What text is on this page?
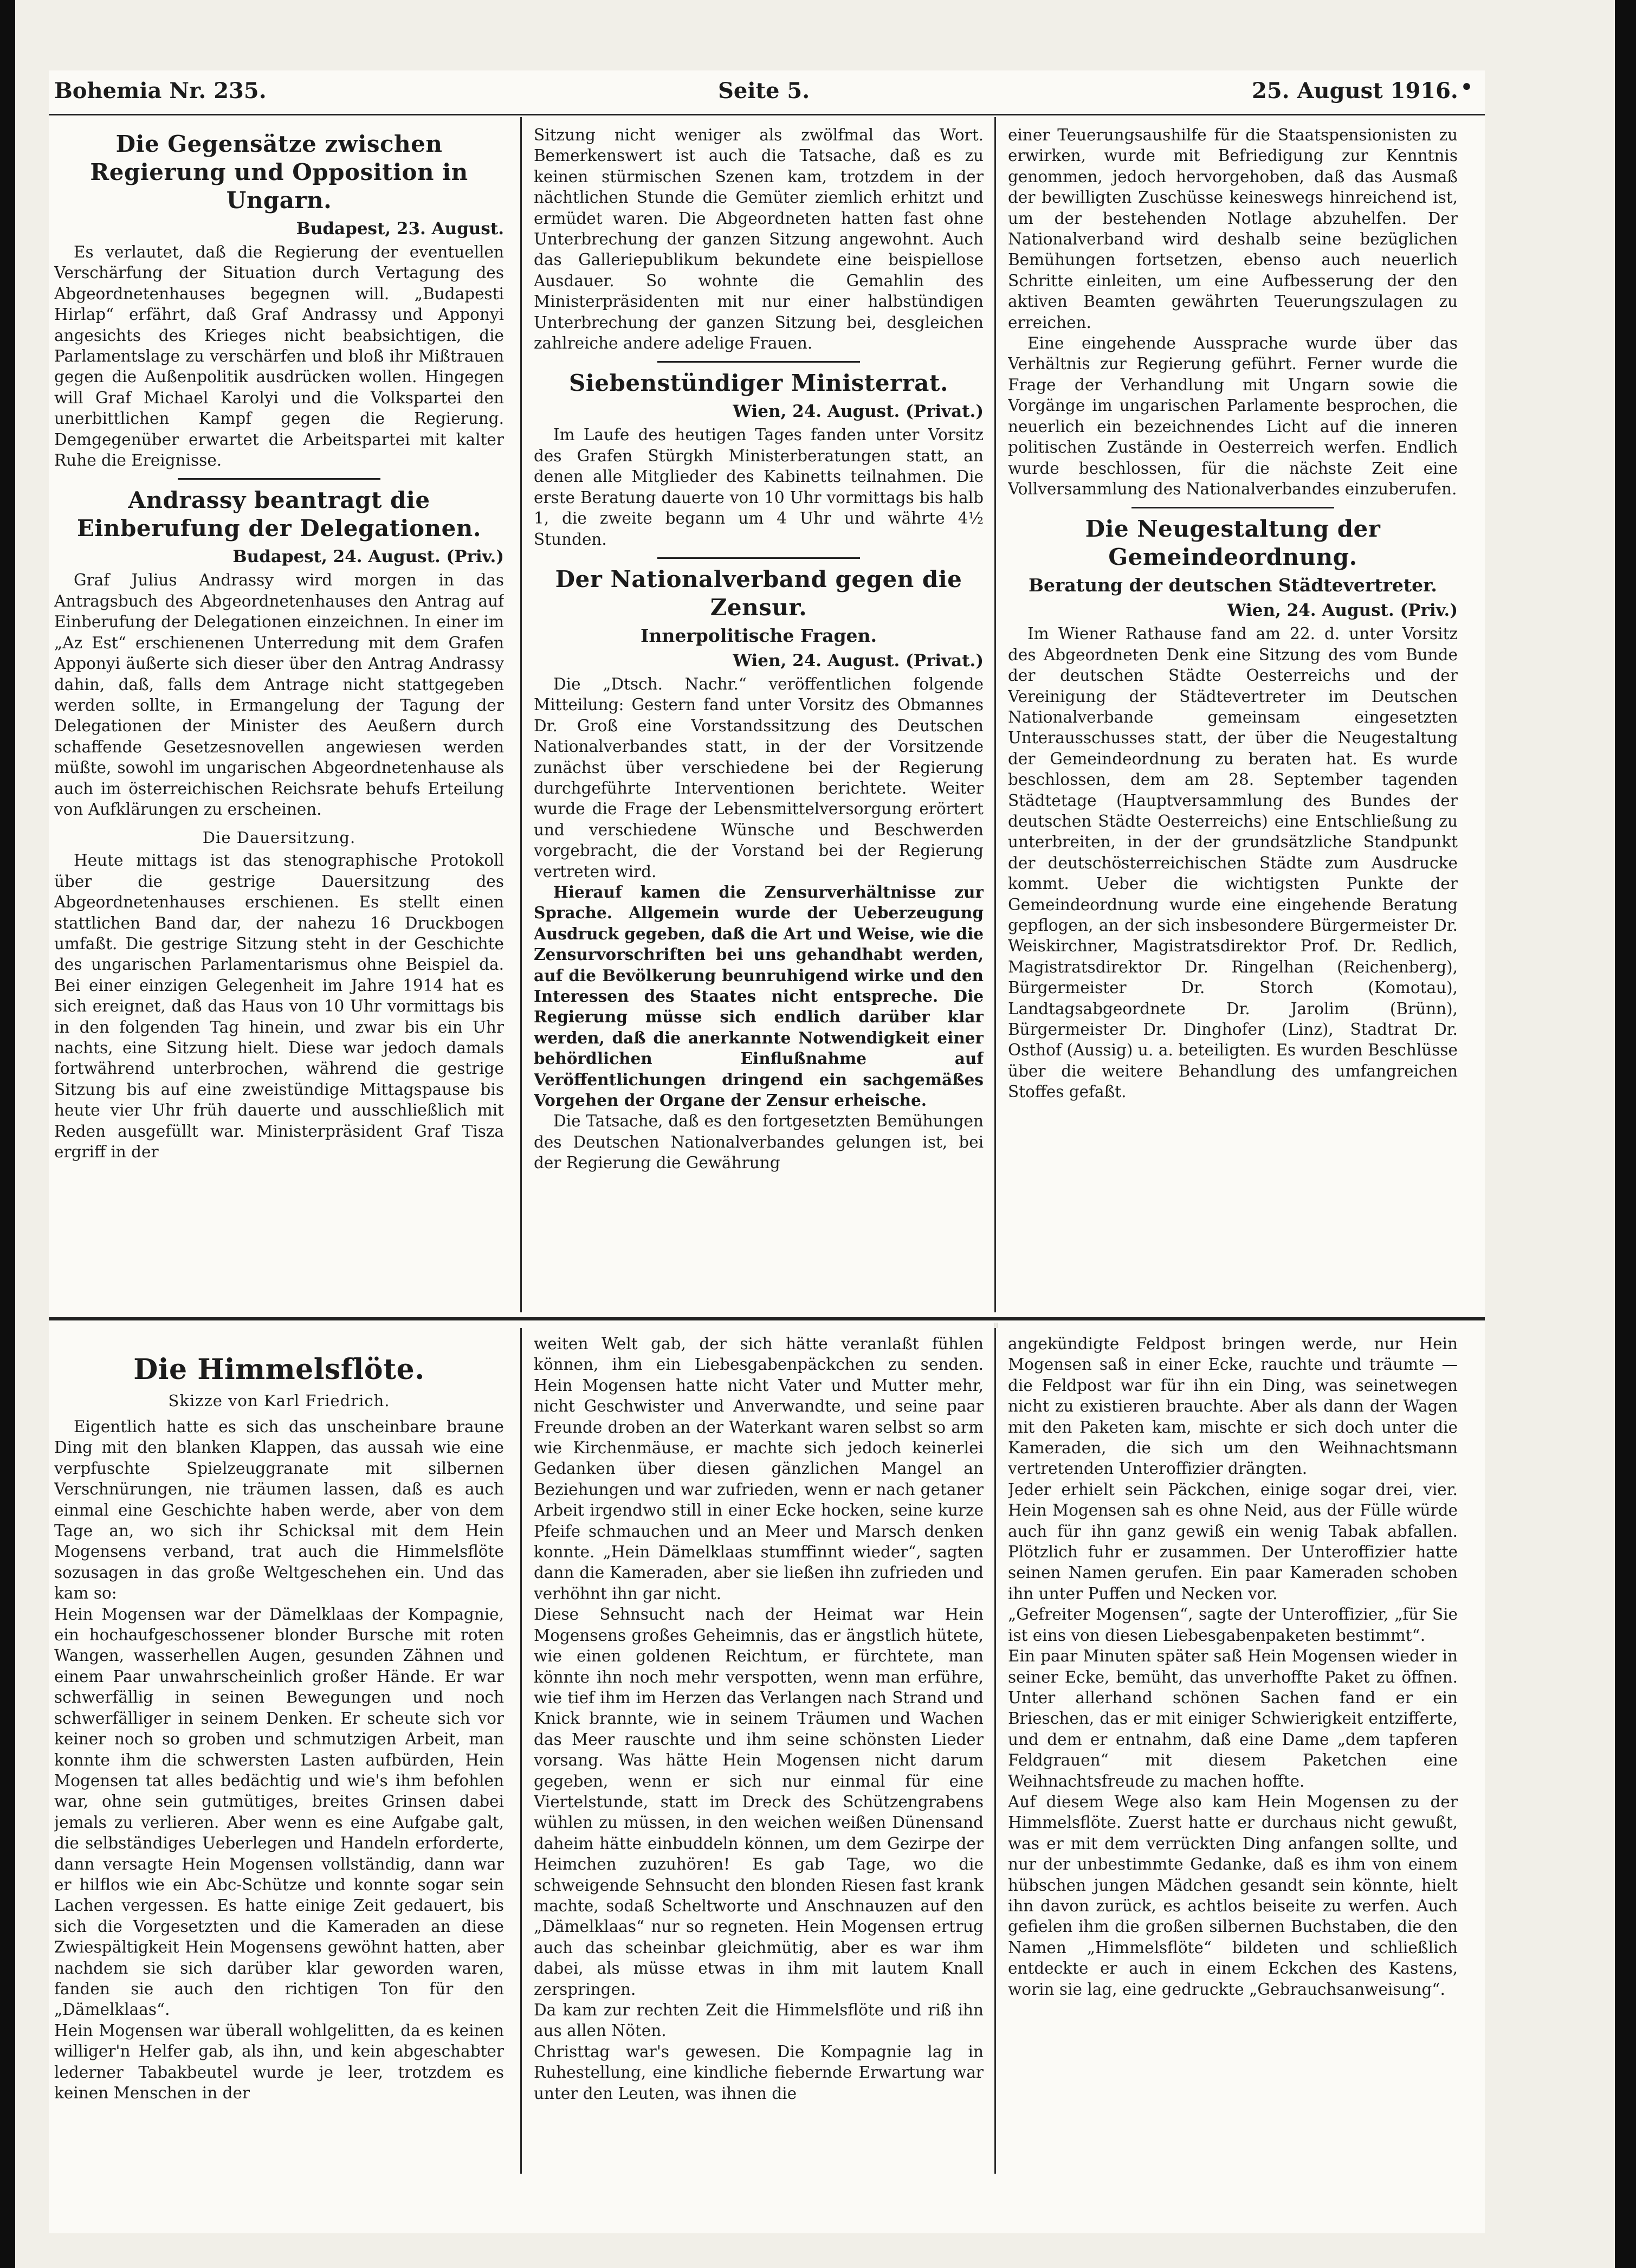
Bohemia Nr. 235.	Seite 5.	25. August 1916. •
Die Gegensätze zwischen Regierung und Opposition in Ungarn.
Budapest, 23. August.

Es verlautet, daß die Regierung der eventuellen Verschärfung der Situation durch Vertagung des Abgeordnetenhauses begegnen will. „Budapesti Hirlap“ erfährt, daß Graf Andrassy und Apponyi angesichts des Krieges nicht beabsichtigen, die Parlamentslage zu verschärfen und bloß ihr Mißtrauen gegen die Außenpolitik ausdrücken wollen. Hingegen will Graf Michael Karolyi und die Volkspartei den unerbittlichen Kampf gegen die Regierung. Demgegenüber erwartet die Arbeitspartei mit kalter Ruhe die Ereignisse.

Andrassy beantragt die Einberufung der Delegationen.
Budapest, 24. August. (Priv.)

Graf Julius Andrassy wird morgen in das Antragsbuch des Abgeordnetenhauses den Antrag auf Einberufung der Delegationen einzeichnen. In einer im „Az Est“ erschienenen Unterredung mit dem Grafen Apponyi äußerte sich dieser über den Antrag Andrassy dahin, daß, falls dem Antrage nicht stattgegeben werden sollte, in Ermangelung der Tagung der Delegationen der Minister des Aeußern durch schaffende Gesetzesnovellen angewiesen werden müßte, sowohl im ungarischen Abgeordnetenhause als auch im österreichischen Reichsrate behufs Erteilung von Aufklärungen zu erscheinen.

Die Dauersitzung.

Heute mittags ist das stenographische Protokoll über die gestrige Dauersitzung des Abgeordnetenhauses erschienen. Es stellt einen stattlichen Band dar, der nahezu 16 Druckbogen umfaßt. Die gestrige Sitzung steht in der Geschichte des ungarischen Parlamentarismus ohne Beispiel da. Bei einer einzigen Gelegenheit im Jahre 1914 hat es sich ereignet, daß das Haus von 10 Uhr vormittags bis in den folgenden Tag hinein, und zwar bis ein Uhr nachts, eine Sitzung hielt. Diese war jedoch damals fortwährend unterbrochen, während die gestrige Sitzung bis auf eine zweistündige Mittagspause bis heute vier Uhr früh dauerte und ausschließlich mit Reden ausgefüllt war. Ministerpräsident Graf Tisza ergriff in der

Sitzung nicht weniger als zwölfmal das Wort. Bemerkenswert ist auch die Tatsache, daß es zu keinen stürmischen Szenen kam, trotzdem in der nächtlichen Stunde die Gemüter ziemlich erhitzt und ermüdet waren. Die Abgeordneten hatten fast ohne Unterbrechung der ganzen Sitzung angewohnt. Auch das Galleriepublikum bekundete eine beispiellose Ausdauer. So wohnte die Gemahlin des Ministerpräsidenten mit nur einer halbstündigen Unterbrechung der ganzen Sitzung bei, desgleichen zahlreiche andere adelige Frauen.

Siebenstündiger Ministerrat.
Wien, 24. August. (Privat.)

Im Laufe des heutigen Tages fanden unter Vorsitz des Grafen Stürgkh Ministerberatungen statt, an denen alle Mitglieder des Kabinetts teilnahmen. Die erste Beratung dauerte von 10 Uhr vormittags bis halb 1, die zweite begann um 4 Uhr und währte 4½ Stunden.

Der Nationalverband gegen die Zensur.
Innerpolitische Fragen.
Wien, 24. August. (Privat.)

Die „Dtsch. Nachr.“ veröffentlichen folgende Mitteilung: Gestern fand unter Vorsitz des Obmannes Dr. Groß eine Vorstandssitzung des Deutschen Nationalverbandes statt, in der der Vorsitzende zunächst über verschiedene bei der Regierung durchgeführte Interventionen berichtete. Weiter wurde die Frage der Lebensmittelversorgung erörtert und verschiedene Wünsche und Beschwerden vorgebracht, die der Vorstand bei der Regierung vertreten wird.

Hierauf kamen die Zensurverhältnisse zur Sprache. Allgemein wurde der Ueberzeugung Ausdruck gegeben, daß die Art und Weise, wie die Zensurvorschriften bei uns gehandhabt werden, auf die Bevölkerung beunruhigend wirke und den Interessen des Staates nicht entspreche. Die Regierung müsse sich endlich darüber klar werden, daß die anerkannte Notwendigkeit einer behördlichen Einflußnahme auf Veröffentlichungen dringend ein sachgemäßes Vorgehen der Organe der Zensur erheische.

Die Tatsache, daß es den fortgesetzten Bemühungen des Deutschen Nationalverbandes gelungen ist, bei der Regierung die Gewährung

einer Teuerungsaushilfe für die Staatspensionisten zu erwirken, wurde mit Befriedigung zur Kenntnis genommen, jedoch hervorgehoben, daß das Ausmaß der bewilligten Zuschüsse keineswegs hinreichend ist, um der bestehenden Notlage abzuhelfen. Der Nationalverband wird deshalb seine bezüglichen Bemühungen fortsetzen, ebenso auch neuerlich Schritte einleiten, um eine Aufbesserung der den aktiven Beamten gewährten Teuerungszulagen zu erreichen.

Eine eingehende Aussprache wurde über das Verhältnis zur Regierung geführt. Ferner wurde die Frage der Verhandlung mit Ungarn sowie die Vorgänge im ungarischen Parlamente besprochen, die neuerlich ein bezeichnendes Licht auf die inneren politischen Zustände in Oesterreich werfen. Endlich wurde beschlossen, für die nächste Zeit eine Vollversammlung des Nationalverbandes einzuberufen.

Die Neugestaltung der Gemeindeordnung.
Beratung der deutschen Städtevertreter.
Wien, 24. August. (Priv.)

Im Wiener Rathause fand am 22. d. unter Vorsitz des Abgeordneten Denk eine Sitzung des vom Bunde der deutschen Städte Oesterreichs und der Vereinigung der Städtevertreter im Deutschen Nationalverbande gemeinsam eingesetzten Unterausschusses statt, der über die Neugestaltung der Gemeindeordnung zu beraten hat. Es wurde beschlossen, dem am 28. September tagenden Städtetage (Hauptversammlung des Bundes der deutschen Städte Oesterreichs) eine Entschließung zu unterbreiten, in der der grundsätzliche Standpunkt der deutschösterreichischen Städte zum Ausdrucke kommt. Ueber die wichtigsten Punkte der Gemeindeordnung wurde eine eingehende Beratung gepflogen, an der sich insbesondere Bürgermeister Dr. Weiskirchner, Magistratsdirektor Prof. Dr. Redlich, Magistratsdirektor Dr. Ringelhan (Reichenberg), Bürgermeister Dr. Storch (Komotau), Landtagsabgeordnete Dr. Jarolim (Brünn), Bürgermeister Dr. Dinghofer (Linz), Stadtrat Dr. Osthof (Aussig) u. a. beteiligten. Es wurden Beschlüsse über die weitere Behandlung des umfangreichen Stoffes gefaßt.

Die Himmelsflöte.
Skizze von Karl Friedrich.

Eigentlich hatte es sich das unscheinbare braune Ding mit den blanken Klappen, das aussah wie eine verpfuschte Spielzeuggranate mit silbernen Verschnürungen, nie träumen lassen, daß es auch einmal eine Geschichte haben werde, aber von dem Tage an, wo sich ihr Schicksal mit dem Hein Mogensens verband, trat auch die Himmelsflöte sozusagen in das große Weltgeschehen ein. Und das kam so:
Hein Mogensen war der Dämelklaas der Kompagnie, ein hochaufgeschossener blonder Bursche mit roten Wangen, wasserhellen Augen, gesunden Zähnen und einem Paar unwahrscheinlich großer Hände. Er war schwerfällig in seinen Bewegungen und noch schwerfälliger in seinem Denken. Er scheute sich vor keiner noch so groben und schmutzigen Arbeit, man konnte ihm die schwersten Lasten aufbürden, Hein Mogensen tat alles bedächtig und wie's ihm befohlen war, ohne sein gutmütiges, breites Grinsen dabei jemals zu verlieren. Aber wenn es eine Aufgabe galt, die selbständiges Ueberlegen und Handeln erforderte, dann versagte Hein Mogensen vollständig, dann war er hilflos wie ein Abc-Schütze und konnte sogar sein Lachen vergessen. Es hatte einige Zeit gedauert, bis sich die Vorgesetzten und die Kameraden an diese Zwiespältigkeit Hein Mogensens gewöhnt hatten, aber nachdem sie sich darüber klar geworden waren, fanden sie auch den richtigen Ton für den „Dämelklaas“.
Hein Mogensen war überall wohlgelitten, da es keinen williger'n Helfer gab, als ihn, und kein abgeschabter lederner Tabakbeutel wurde je leer, trotzdem es keinen Menschen in der

weiten Welt gab, der sich hätte veranlaßt fühlen können, ihm ein Liebesgabenpäckchen zu senden. Hein Mogensen hatte nicht Vater und Mutter mehr, nicht Geschwister und Anverwandte, und seine paar Freunde droben an der Waterkant waren selbst so arm wie Kirchenmäuse, er machte sich jedoch keinerlei Gedanken über diesen gänzlichen Mangel an Beziehungen und war zufrieden, wenn er nach getaner Arbeit irgendwo still in einer Ecke hocken, seine kurze Pfeife schmauchen und an Meer und Marsch denken konnte. „Hein Dämelklaas stumffinnt wieder“, sagten dann die Kameraden, aber sie ließen ihn zufrieden und verhöhnt ihn gar nicht.
Diese Sehnsucht nach der Heimat war Hein Mogensens großes Geheimnis, das er ängstlich hütete, wie einen goldenen Reichtum, er fürchtete, man könnte ihn noch mehr verspotten, wenn man erführe, wie tief ihm im Herzen das Verlangen nach Strand und Knick brannte, wie in seinem Träumen und Wachen das Meer rauschte und ihm seine schönsten Lieder vorsang. Was hätte Hein Mogensen nicht darum gegeben, wenn er sich nur einmal für eine Viertelstunde, statt im Dreck des Schützengrabens wühlen zu müssen, in den weichen weißen Dünensand daheim hätte einbuddeln können, um dem Gezirpe der Heimchen zuzuhören! Es gab Tage, wo die schweigende Sehnsucht den blonden Riesen fast krank machte, sodaß Scheltworte und Anschnauzen auf den „Dämelklaas“ nur so regneten. Hein Mogensen ertrug auch das scheinbar gleichmütig, aber es war ihm dabei, als müsse etwas in ihm mit lautem Knall zerspringen.
Da kam zur rechten Zeit die Himmelsflöte und riß ihn aus allen Nöten.
Christtag war's gewesen. Die Kompagnie lag in Ruhestellung, eine kindliche fiebernde Erwartung war unter den Leuten, was ihnen die

angekündigte Feldpost bringen werde, nur Hein Mogensen saß in einer Ecke, rauchte und träumte — die Feldpost war für ihn ein Ding, was seinetwegen nicht zu existieren brauchte. Aber als dann der Wagen mit den Paketen kam, mischte er sich doch unter die Kameraden, die sich um den Weihnachtsmann vertretenden Unteroffizier drängten.
Jeder erhielt sein Päckchen, einige sogar drei, vier. Hein Mogensen sah es ohne Neid, aus der Fülle würde auch für ihn ganz gewiß ein wenig Tabak abfallen. Plötzlich fuhr er zusammen. Der Unteroffizier hatte seinen Namen gerufen. Ein paar Kameraden schoben ihn unter Puffen und Necken vor.
„Gefreiter Mogensen“, sagte der Unteroffizier, „für Sie ist eins von diesen Liebesgabenpaketen bestimmt“.
Ein paar Minuten später saß Hein Mogensen wieder in seiner Ecke, bemüht, das unverhoffte Paket zu öffnen. Unter allerhand schönen Sachen fand er ein Brieschen, das er mit einiger Schwierigkeit entzifferte, und dem er entnahm, daß eine Dame „dem tapferen Feldgrauen“ mit diesem Paketchen eine Weihnachtsfreude zu machen hoffte.
Auf diesem Wege also kam Hein Mogensen zu der Himmelsflöte. Zuerst hatte er durchaus nicht gewußt, was er mit dem verrückten Ding anfangen sollte, und nur der unbestimmte Gedanke, daß es ihm von einem hübschen jungen Mädchen gesandt sein könnte, hielt ihn davon zurück, es achtlos beiseite zu werfen. Auch gefielen ihm die großen silbernen Buchstaben, die den Namen „Himmelsflöte“ bildeten und schließlich entdeckte er auch in einem Eckchen des Kastens, worin sie lag, eine gedruckte „Gebrauchsanweisung“.
